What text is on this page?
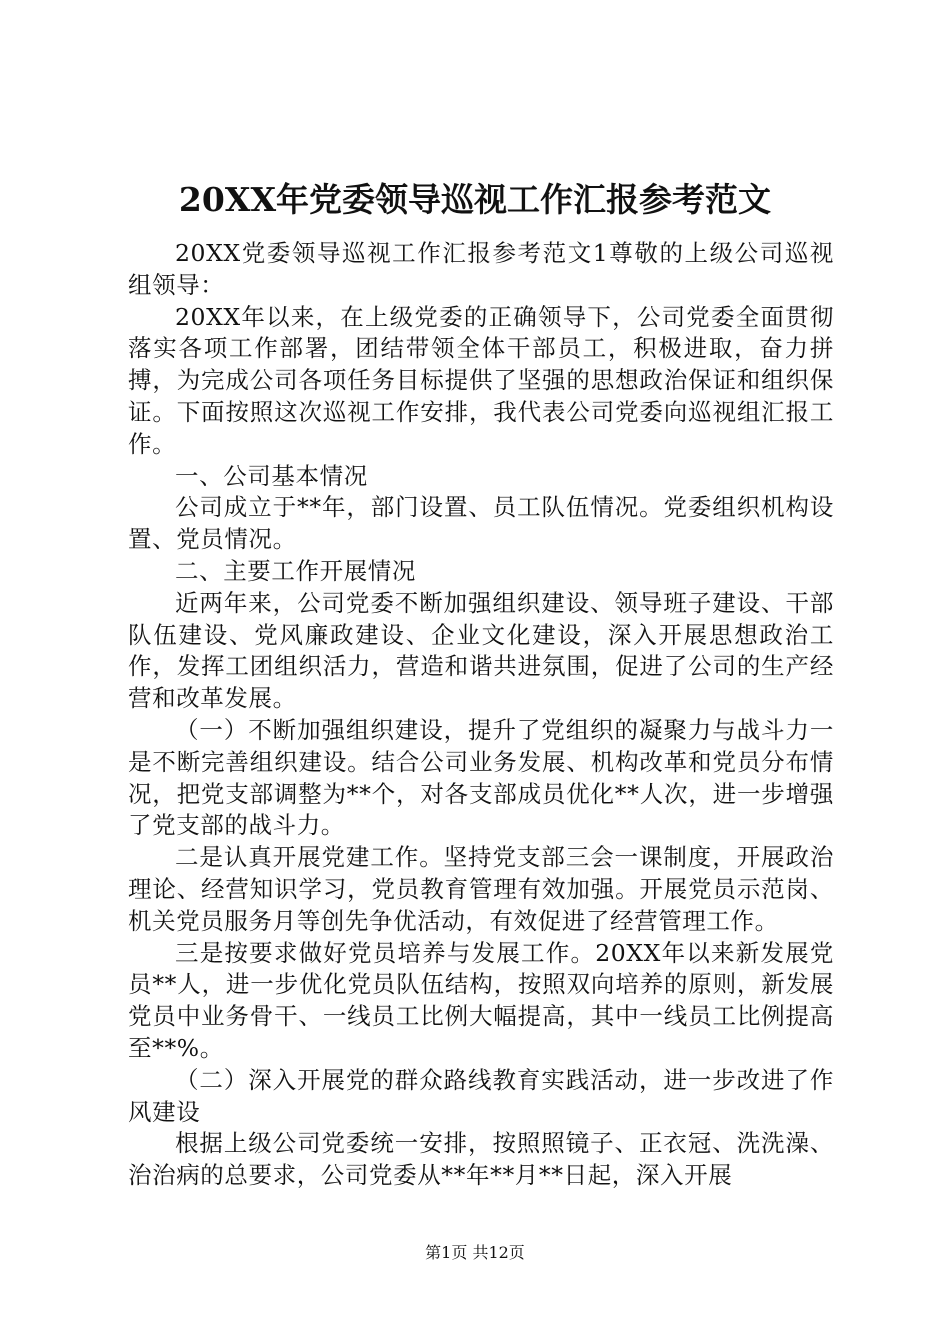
20XX年党委领导巡视工作汇报参考范文

20XX党委领导巡视工作汇报参考范文1尊敬的上级公司巡视组领导：

20XX年以来，在上级党委的正确领导下，公司党委全面贯彻落实各项工作部署，团结带领全体干部员工，积极进取，奋力拼搏，为完成公司各项任务目标提供了坚强的思想政治保证和组织保证。下面按照这次巡视工作安排，我代表公司党委向巡视组汇报工作。

一、公司基本情况

公司成立于**年，部门设置、员工队伍情况。党委组织机构设置、党员情况。

二、主要工作开展情况

近两年来，公司党委不断加强组织建设、领导班子建设、干部队伍建设、党风廉政建设、企业文化建设，深入开展思想政治工作，发挥工团组织活力，营造和谐共进氛围，促进了公司的生产经营和改革发展。

（一）不断加强组织建设，提升了党组织的凝聚力与战斗力一是不断完善组织建设。结合公司业务发展、机构改革和党员分布情况，把党支部调整为**个，对各支部成员优化**人次，进一步增强了党支部的战斗力。

二是认真开展党建工作。坚持党支部三会一课制度，开展政治理论、经营知识学习，党员教育管理有效加强。开展党员示范岗、机关党员服务月等创先争优活动，有效促进了经营管理工作。

三是按要求做好党员培养与发展工作。20XX年以来新发展党员**人，进一步优化党员队伍结构，按照双向培养的原则，新发展党员中业务骨干、一线员工比例大幅提高，其中一线员工比例提高至**%。

（二）深入开展党的群众路线教育实践活动，进一步改进了作风建设

根据上级公司党委统一安排，按照照镜子、正衣冠、洗洗澡、治治病的总要求，公司党委从**年**月**日起，深入开展

第1页 共12页
